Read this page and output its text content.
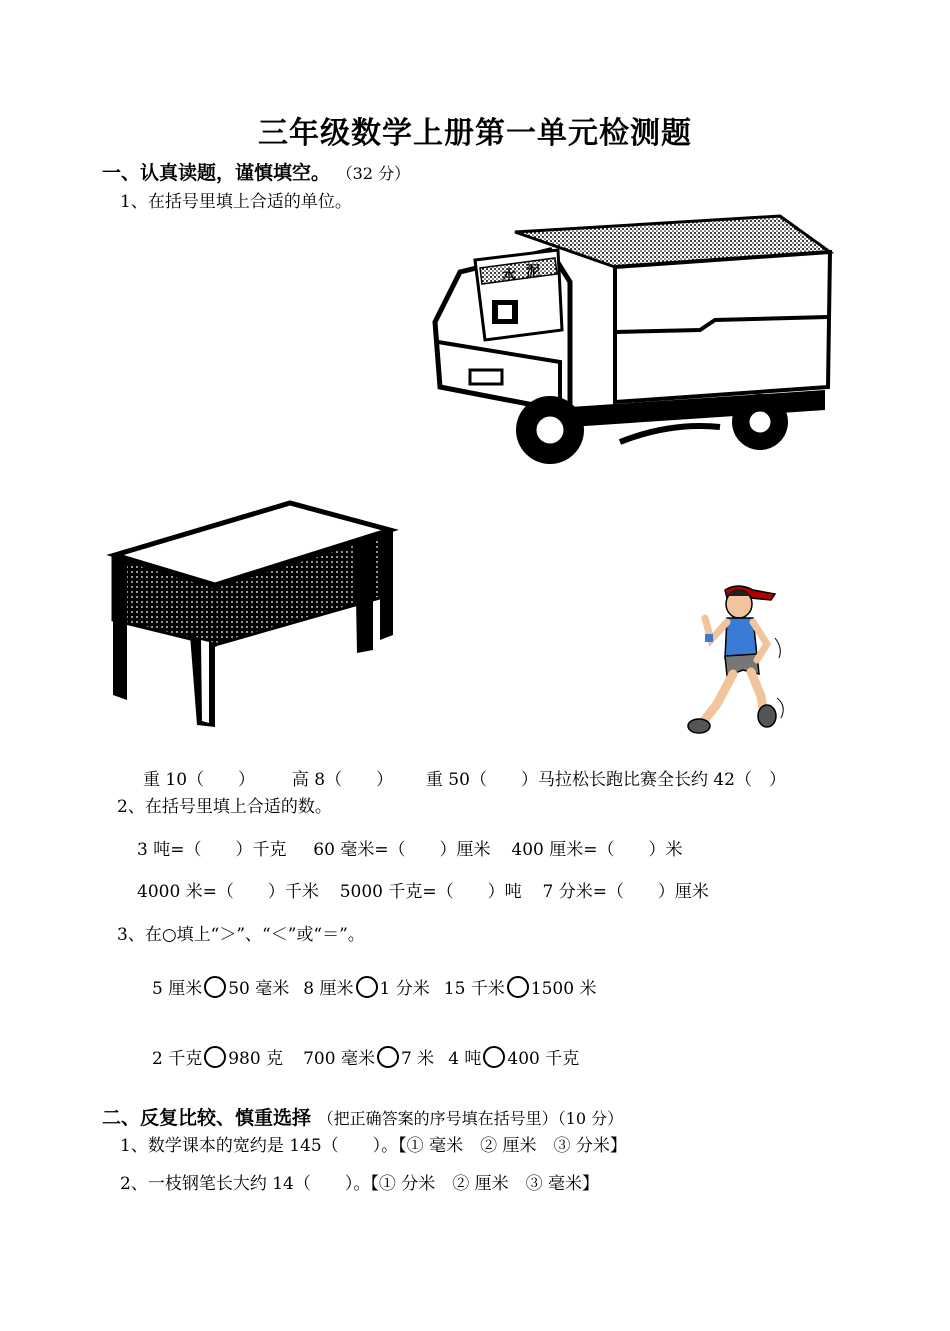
三年级数学上册第一单元检测题
一、认真读题，谨慎填空。 （32 分）
1、在括号里填上合适的单位。
水 泥
重 10（　　） 高 8（　　） 重 50（　　）马拉松长跑比赛全长约 42（　）
2、在括号里填上合适的数。
3 吨=（　　）千克 60 毫米=（　　）厘米 400 厘米=（　　）米
4000 米=（　　）千米 5000 千克=（　　）吨 7 分米=（　　）厘米
3、在○填上“＞”、“＜”或“＝”。
5 厘米 50 毫米 8 厘米 1 分米 15 千米 1500 米
2 千克 980 克 700 毫米 7 米 4 吨 400 千克
二、反复比较、慎重选择 （把正确答案的序号填在括号里）（10 分）
1、数学课本的宽约是 145（　　）。【① 毫米　② 厘米　③ 分米】
2、一枝钢笔长大约 14（　　）。【① 分米　② 厘米　③ 毫米】
